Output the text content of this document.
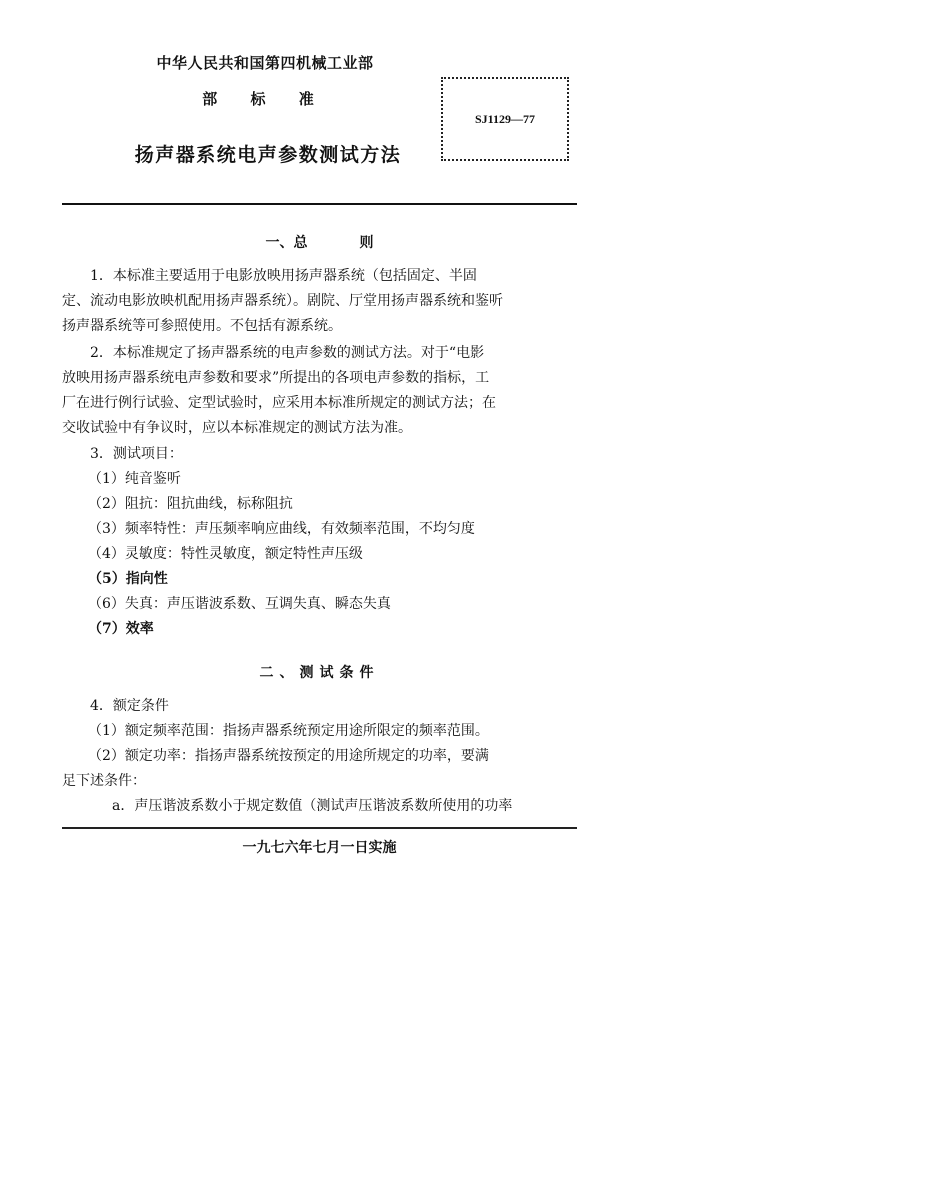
中华人民共和国第四机械工业部
部 标 准
扬声器系统电声参数测试方法
SJ1129—77
一、总	则
1．本标准主要适用于电影放映用扬声器系统（包括固定、半固
定、流动电影放映机配用扬声器系统）。剧院、厅堂用扬声器系统和鉴听
扬声器系统等可参照使用。不包括有源系统。
2．本标准规定了扬声器系统的电声参数的测试方法。对于“电影
放映用扬声器系统电声参数和要求”所提出的各项电声参数的指标，工
厂在进行例行试验、定型试验时，应采用本标准所规定的测试方法；在
交收试验中有争议时，应以本标准规定的测试方法为准。
3．测试项目：
（1）纯音鉴听
（2）阻抗：阻抗曲线，标称阻抗
（3）频率特性：声压频率响应曲线，有效频率范围，不均匀度
（4）灵敏度：特性灵敏度，额定特性声压级
（5）指向性
（6）失真：声压谐波系数、互调失真、瞬态失真
（7）效率
二、测试条件
4．额定条件
（1）额定频率范围：指扬声器系统预定用途所限定的频率范围。
（2）额定功率：指扬声器系统按预定的用途所规定的功率，要满
足下述条件：
a．声压谐波系数小于规定数值（测试声压谐波系数所使用的功率
一九七六年七月一日实施
